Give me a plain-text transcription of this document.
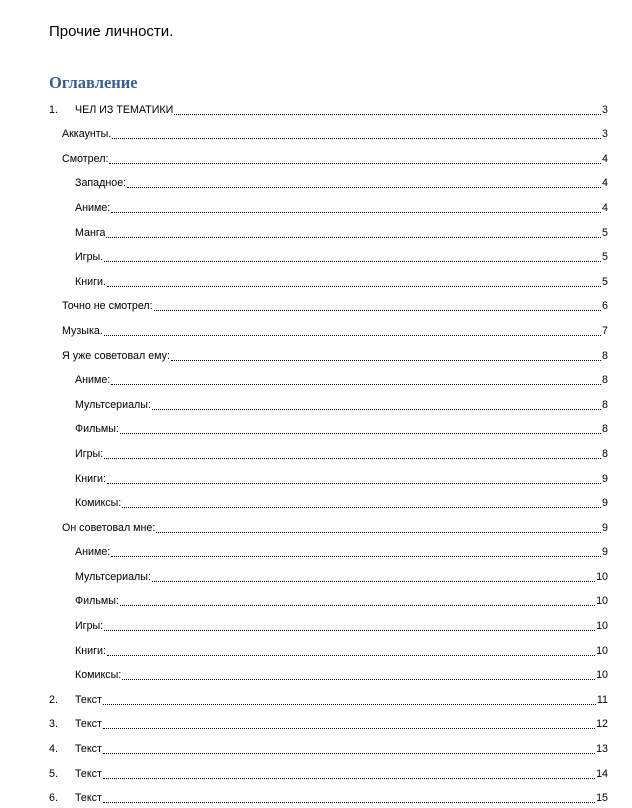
Прочие личности.
Оглавление
1.	ЧЕЛ ИЗ ТЕМАТИКИ	3
Аккаунты.	3
Смотрел:	4
Западное:	4
Аниме:	4
Манга	5
Игры.	5
Книги.	5
Точно не смотрел:	6
Музыка.	7
Я уже советовал ему:	8
Аниме:	8
Мультсериалы:	8
Фильмы:	8
Игры:	8
Книги:	9
Комиксы:	9
Он советовал мне:	9
Аниме:	9
Мультсериалы:	10
Фильмы:	10
Игры:	10
Книги:	10
Комиксы:	10
2.	Текст	11
3.	Текст	12
4.	Текст	13
5.	Текст	14
6.	Текст	15
